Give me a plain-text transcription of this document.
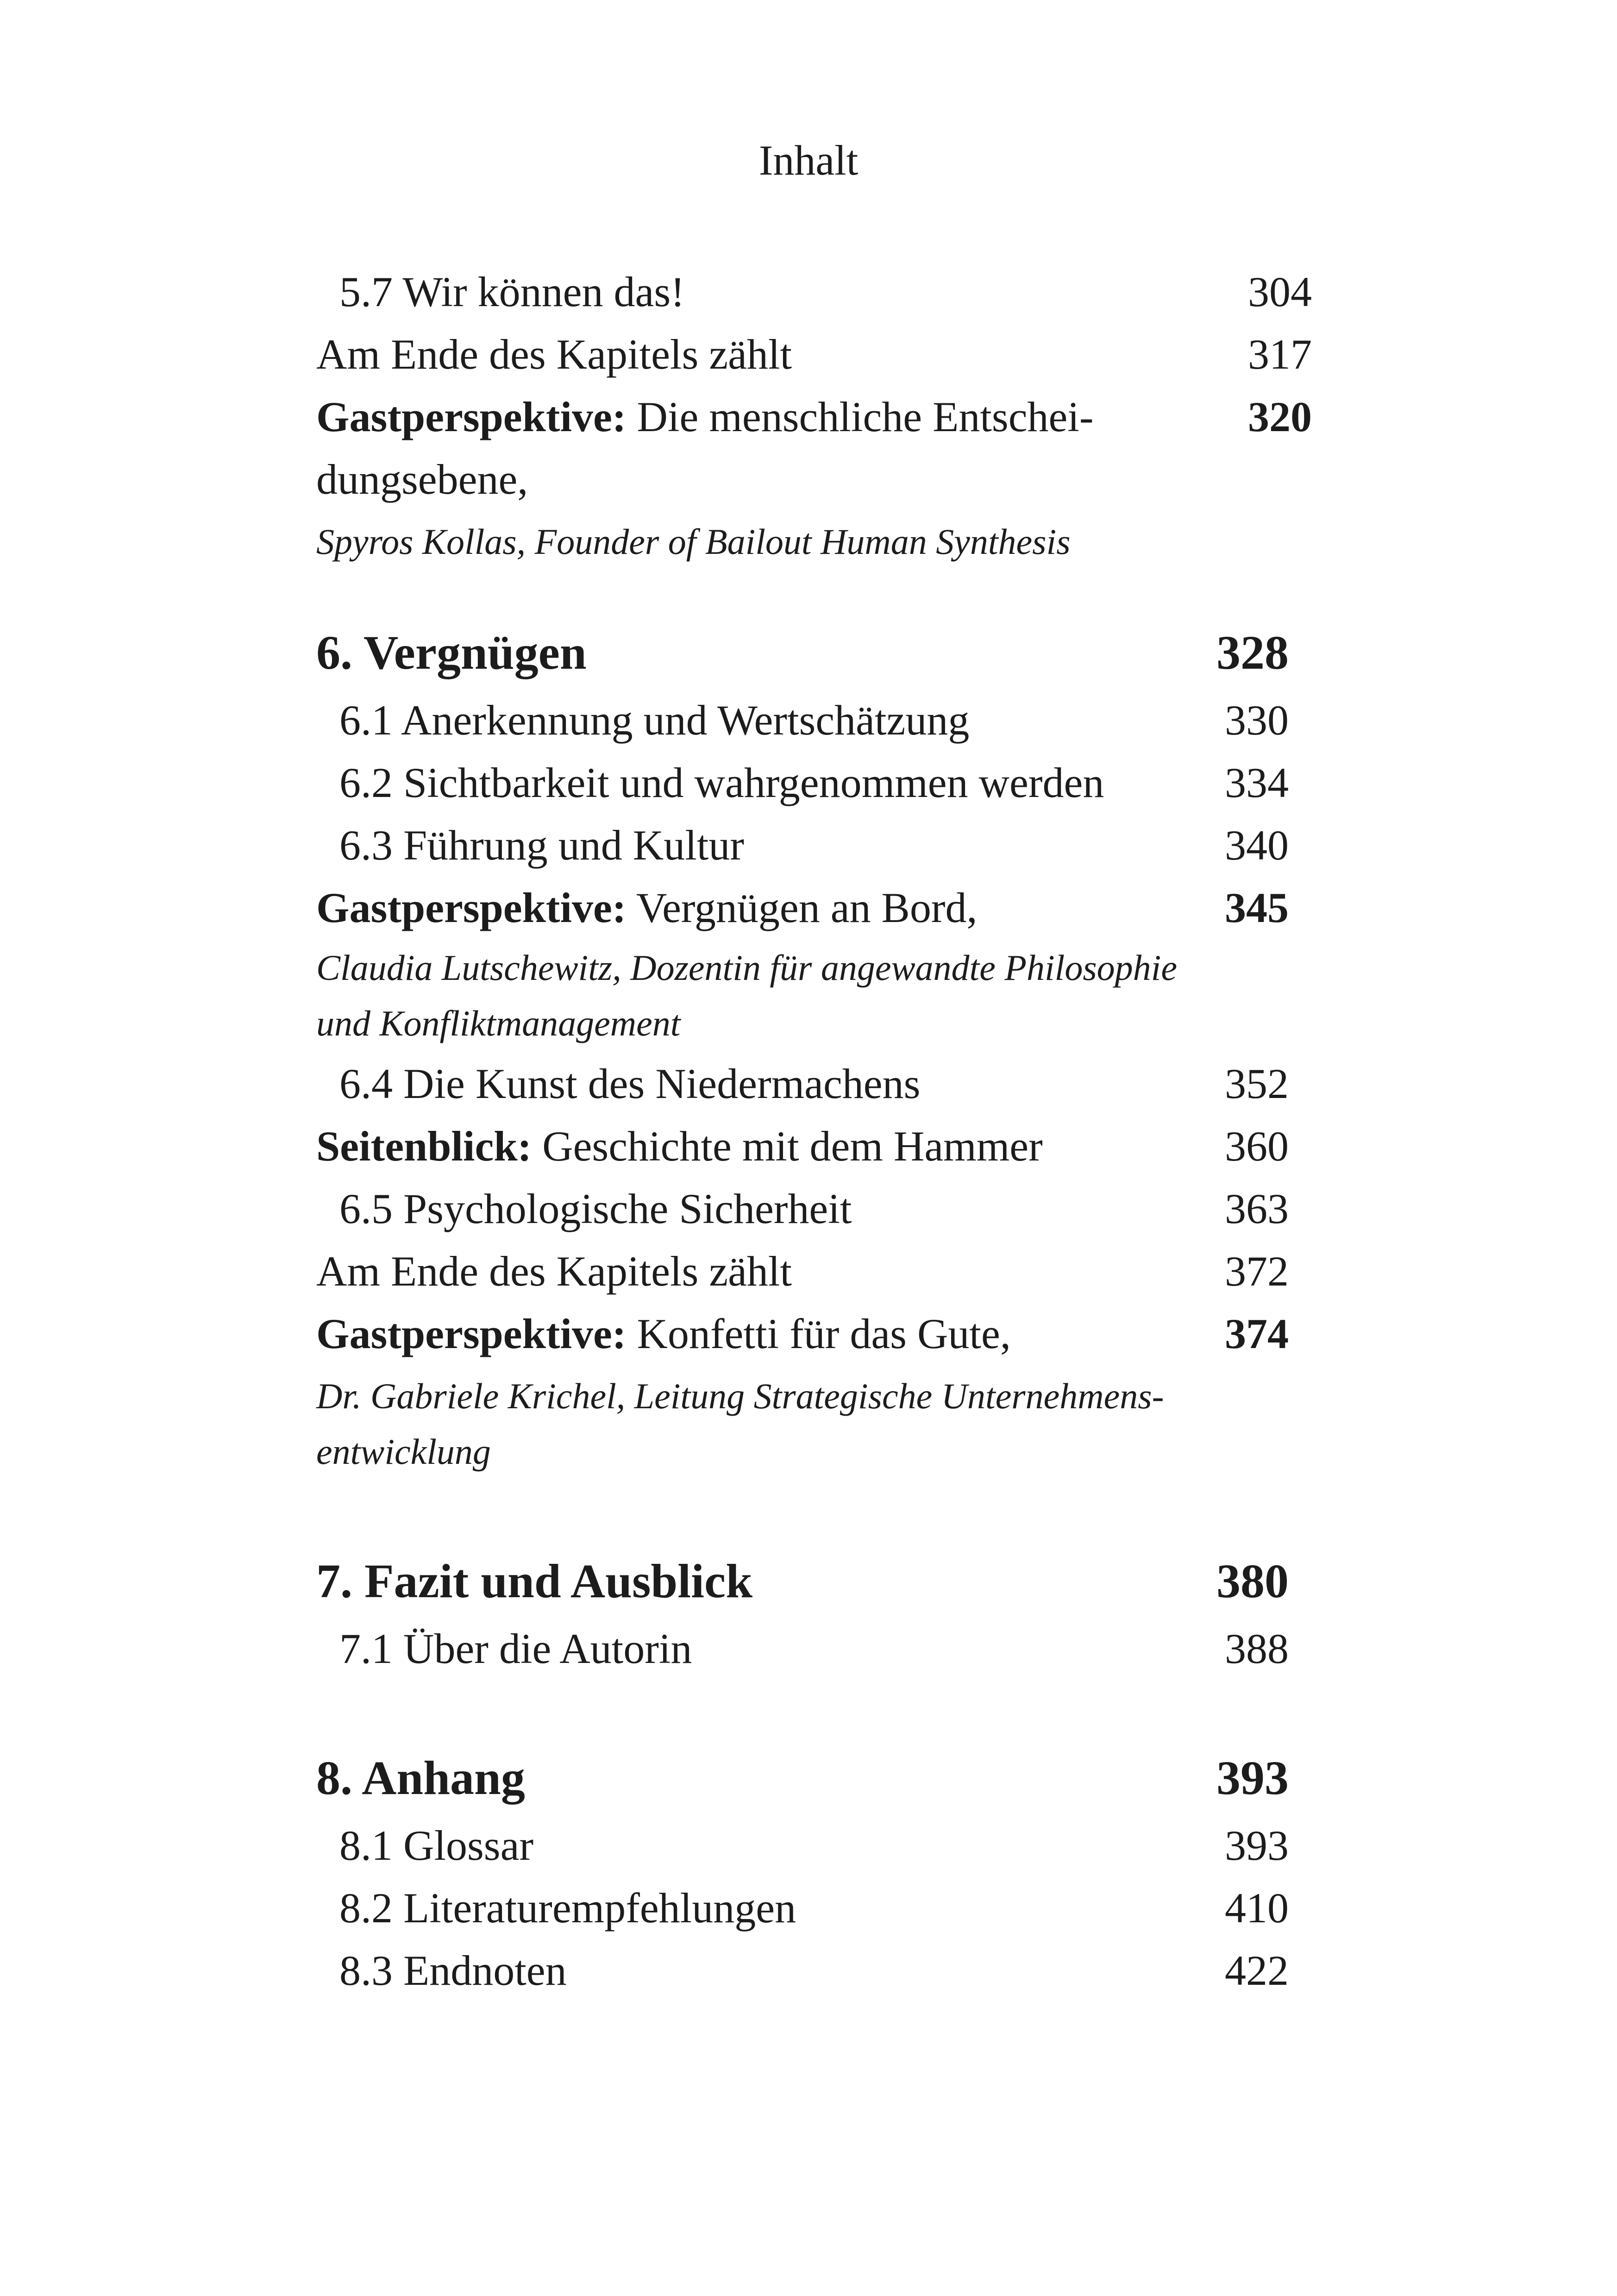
Inhalt
5.7 Wir können das!	304
Am Ende des Kapitels zählt	317
Gastperspektive: Die menschliche Entschei-	320
dungsebene,
Spyros Kollas, Founder of Bailout Human Synthesis
6. Vergnügen	328
6.1 Anerkennung und Wertschätzung	330
6.2 Sichtbarkeit und wahrgenommen werden	334
6.3 Führung und Kultur	340
Gastperspektive: Vergnügen an Bord,	345
Claudia Lutschewitz, Dozentin für angewandte Philosophie
und Konfliktmanagement
6.4 Die Kunst des Niedermachens	352
Seitenblick: Geschichte mit dem Hammer	360
6.5 Psychologische Sicherheit	363
Am Ende des Kapitels zählt	372
Gastperspektive: Konfetti für das Gute,	374
Dr. Gabriele Krichel, Leitung Strategische Unternehmens-
entwicklung
7. Fazit und Ausblick	380
7.1 Über die Autorin	388
8. Anhang	393
8.1 Glossar	393
8.2 Literaturempfehlungen	410
8.3 Endnoten	422
